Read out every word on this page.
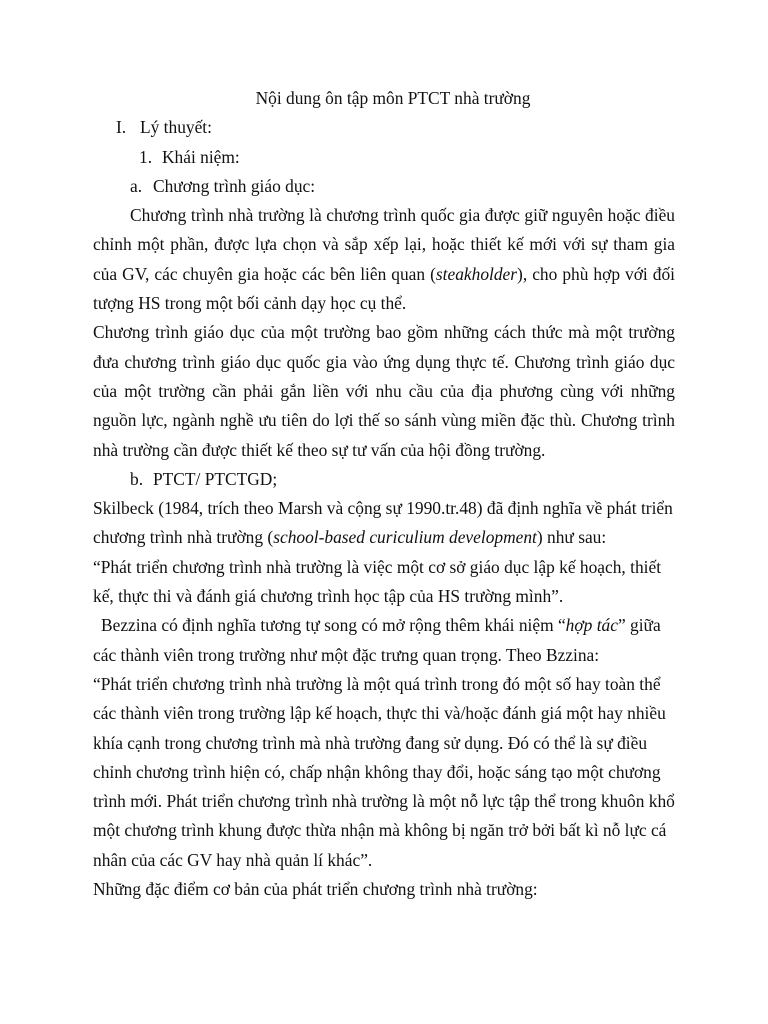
Nội dung ôn tập môn PTCT nhà trường

I. Lý thuyết:

1. Khái niệm:

a. Chương trình giáo dục:

Chương trình nhà trường là chương trình quốc gia được giữ nguyên hoặc điều chỉnh một phần, được lựa chọn và sắp xếp lại, hoặc thiết kế mới với sự tham gia của GV, các chuyên gia hoặc các bên liên quan (steakholder), cho phù hợp với đối tượng HS trong một bối cảnh dạy học cụ thể.

Chương trình giáo dục của một trường bao gồm những cách thức mà một trường đưa chương trình giáo dục quốc gia vào ứng dụng thực tế. Chương trình giáo dục của một trường cần phải gắn liền với nhu cầu của địa phương cùng với những nguồn lực, ngành nghề ưu tiên do lợi thế so sánh vùng miền đặc thù. Chương trình nhà trường cần được thiết kế theo sự tư vấn của hội đồng trường.

b. PTCT/ PTCTGD;

Skilbeck (1984, trích theo Marsh và cộng sự 1990.tr.48) đã định nghĩa về phát triển chương trình nhà trường (school-based curiculium development) như sau:

“Phát triển chương trình nhà trường là việc một cơ sở giáo dục lập kế hoạch, thiết kế, thực thi và đánh giá chương trình học tập của HS trường mình”.

Bezzina có định nghĩa tương tự song có mở rộng thêm khái niệm “hợp tác” giữa các thành viên trong trường như một đặc trưng quan trọng. Theo Bzzina:

“Phát triển chương trình nhà trường là một quá trình trong đó một số hay toàn thể các thành viên trong trường lập kế hoạch, thực thi và/hoặc đánh giá một hay nhiều khía cạnh trong chương trình mà nhà trường đang sử dụng. Đó có thể là sự điều chỉnh chương trình hiện có, chấp nhận không thay đổi, hoặc sáng tạo một chương trình mới. Phát triển chương trình nhà trường là một nỗ lực tập thể trong khuôn khổ một chương trình khung được thừa nhận mà không bị ngăn trở bởi bất kì nỗ lực cá nhân của các GV hay nhà quản lí khác”.

Những đặc điểm cơ bản của phát triển chương trình nhà trường:
